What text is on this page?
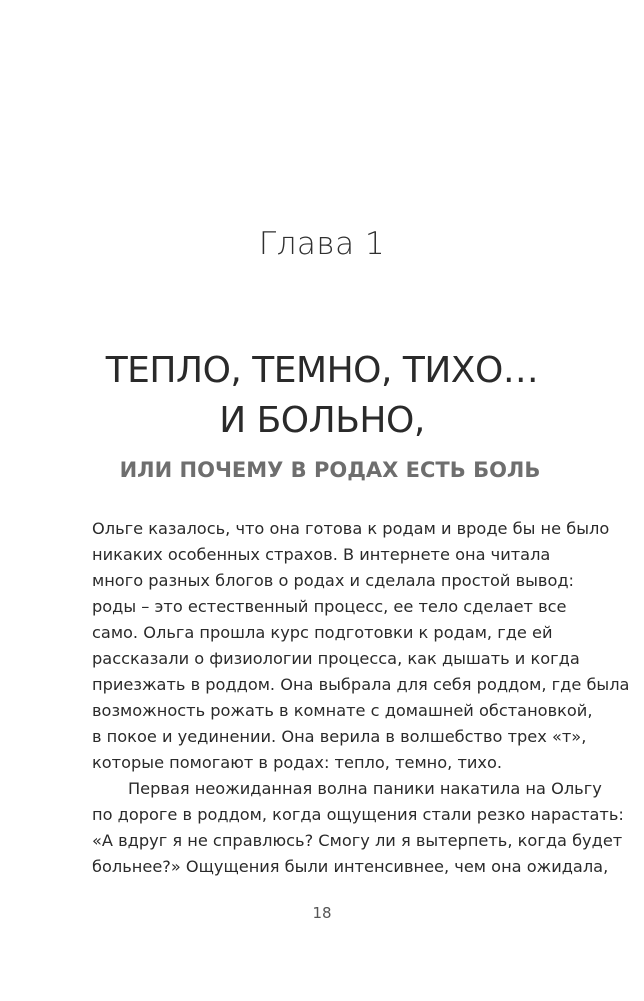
Глава 1
ТЕПЛО, ТЕМНО, ТИХО…
И БОЛЬНО,
ИЛИ ПОЧЕМУ В РОДАХ ЕСТЬ БОЛЬ
Ольге казалось, что она готова к родам и вроде бы не было
никаких особенных страхов. В интернете она читала
много разных блогов о родах и сделала простой вывод:
роды – это естественный процесс, ее тело сделает все
само. Ольга прошла курс подготовки к родам, где ей
рассказали о физиологии процесса, как дышать и когда
приезжать в роддом. Она выбрала для себя роддом, где была
возможность рожать в комнате с домашней обстановкой,
в покое и уединении. Она верила в волшебство трех «т»,
которые помогают в родах: тепло, темно, тихо.
Первая неожиданная волна паники накатила на Ольгу
по дороге в роддом, когда ощущения стали резко нарастать:
«А вдруг я не справлюсь? Смогу ли я вытерпеть, когда будет
больнее?» Ощущения были интенсивнее, чем она ожидала,
18
